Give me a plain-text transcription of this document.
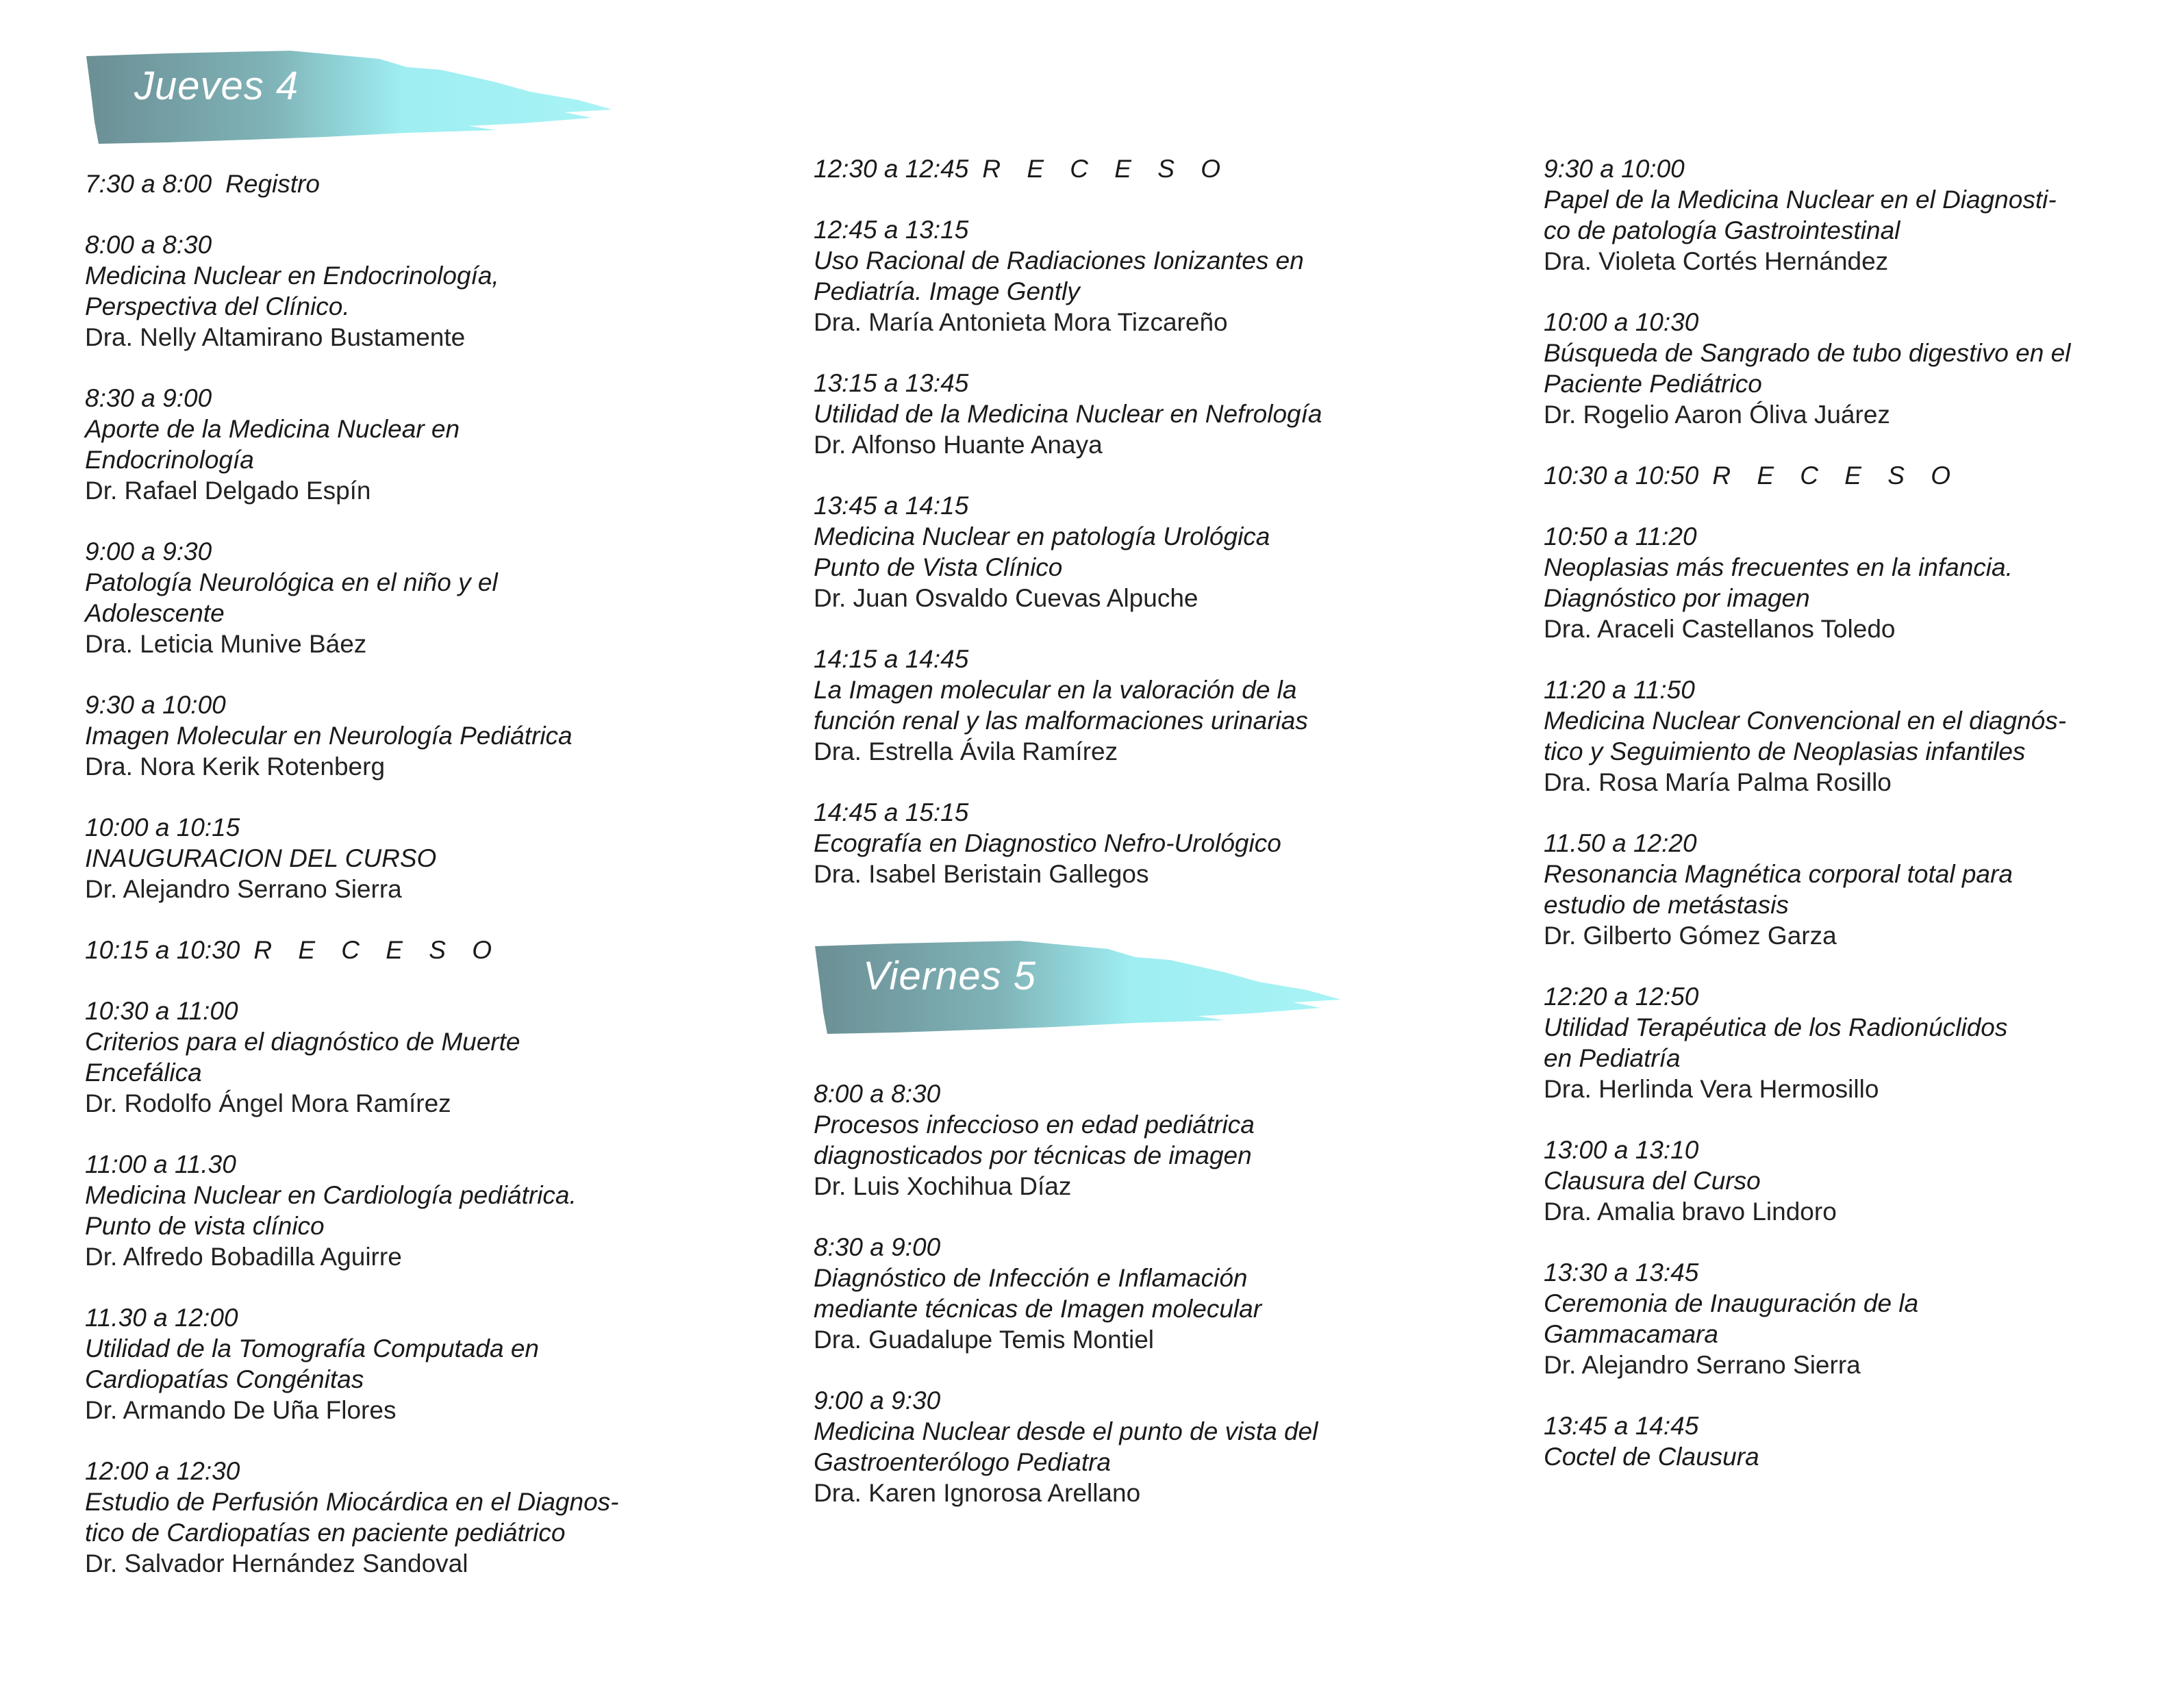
Jueves 4
7:30 a 8:00 Registro
8:00 a 8:30
Medicina Nuclear en Endocrinología,
Perspectiva del Clínico.
Dra. Nelly Altamirano Bustamente
8:30 a 9:00
Aporte de la Medicina Nuclear en
Endocrinología
Dr. Rafael Delgado Espín
9:00 a 9:30
Patología Neurológica en el niño y el
Adolescente
Dra. Leticia Munive Báez
9:30 a 10:00
Imagen Molecular en Neurología Pediátrica
Dra. Nora Kerik Rotenberg
10:00 a 10:15
INAUGURACION DEL CURSO
Dr. Alejandro Serrano Sierra
10:15 a 10:30 R E C E S O
10:30 a 11:00
Criterios para el diagnóstico de Muerte
Encefálica
Dr. Rodolfo Ángel Mora Ramírez
11:00 a 11.30
Medicina Nuclear en Cardiología pediátrica.
Punto de vista clínico
Dr. Alfredo Bobadilla Aguirre
11.30 a 12:00
Utilidad de la Tomografía Computada en
Cardiopatías Congénitas
Dr. Armando De Uña Flores
12:00 a 12:30
Estudio de Perfusión Miocárdica en el Diagnos-
tico de Cardiopatías en paciente pediátrico
Dr. Salvador Hernández Sandoval
12:30 a 12:45 R E C E S O
12:45 a 13:15
Uso Racional de Radiaciones Ionizantes en
Pediatría. Image Gently
Dra. María Antonieta Mora Tizcareño
13:15 a 13:45
Utilidad de la Medicina Nuclear en Nefrología
Dr. Alfonso Huante Anaya
13:45 a 14:15
Medicina Nuclear en patología Urológica
Punto de Vista Clínico
Dr. Juan Osvaldo Cuevas Alpuche
14:15 a 14:45
La Imagen molecular en la valoración de la
función renal y las malformaciones urinarias
Dra. Estrella Ávila Ramírez
14:45 a 15:15
Ecografía en Diagnostico Nefro-Urológico
Dra. Isabel Beristain Gallegos
Viernes 5
8:00 a 8:30
Procesos infeccioso en edad pediátrica
diagnosticados por técnicas de imagen
Dr. Luis Xochihua Díaz
8:30 a 9:00
Diagnóstico de Infección e Inflamación
mediante técnicas de Imagen molecular
Dra. Guadalupe Temis Montiel
9:00 a 9:30
Medicina Nuclear desde el punto de vista del
Gastroenterólogo Pediatra
Dra. Karen Ignorosa Arellano
9:30 a 10:00
Papel de la Medicina Nuclear en el Diagnosti-
co de patología Gastrointestinal
Dra. Violeta Cortés Hernández
10:00 a 10:30
Búsqueda de Sangrado de tubo digestivo en el
Paciente Pediátrico
Dr. Rogelio Aaron Óliva Juárez
10:30 a 10:50 R E C E S O
10:50 a 11:20
Neoplasias más frecuentes en la infancia.
Diagnóstico por imagen
Dra. Araceli Castellanos Toledo
11:20 a 11:50
Medicina Nuclear Convencional en el diagnós-
tico y Seguimiento de Neoplasias infantiles
Dra. Rosa María Palma Rosillo
11.50 a 12:20
Resonancia Magnética corporal total para
estudio de metástasis
Dr. Gilberto Gómez Garza
12:20 a 12:50
Utilidad Terapéutica de los Radionúclidos
en Pediatría
Dra. Herlinda Vera Hermosillo
13:00 a 13:10
Clausura del Curso
Dra. Amalia bravo Lindoro
13:30 a 13:45
Ceremonia de Inauguración de la
Gammacamara
Dr. Alejandro Serrano Sierra
13:45 a 14:45
Coctel de Clausura
